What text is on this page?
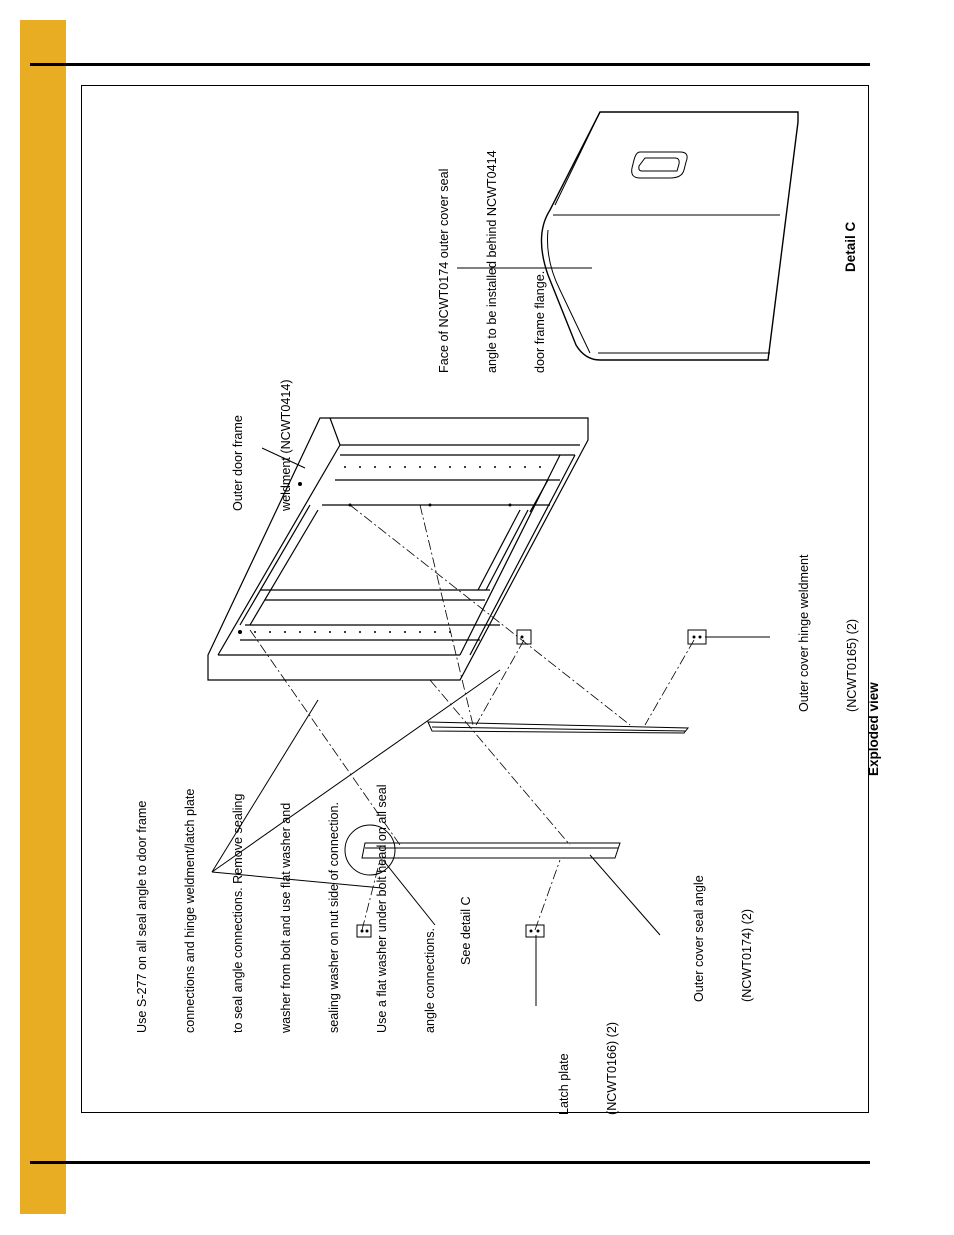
Use S-277 on all seal angle to door frame

	connections and hinge weldment/latch plate

	to seal angle connections. Remove sealing

	washer from bolt and use flat washer and

	sealing washer on nut side of connection.

	Use a flat washer under bolt head on all seal

	angle connections.

See detail C

Latch plate

	(NCWT0166) (2)

Outer cover seal angle

	(NCWT0174) (2)

Outer cover hinge weldment

	(NCWT0165) (2)

Exploded view

Outer door frame

	weldment (NCWT0414)

Face of NCWT0174 outer cover seal

	angle to be installed behind NCWT0414

	door frame flange.

Detail C
